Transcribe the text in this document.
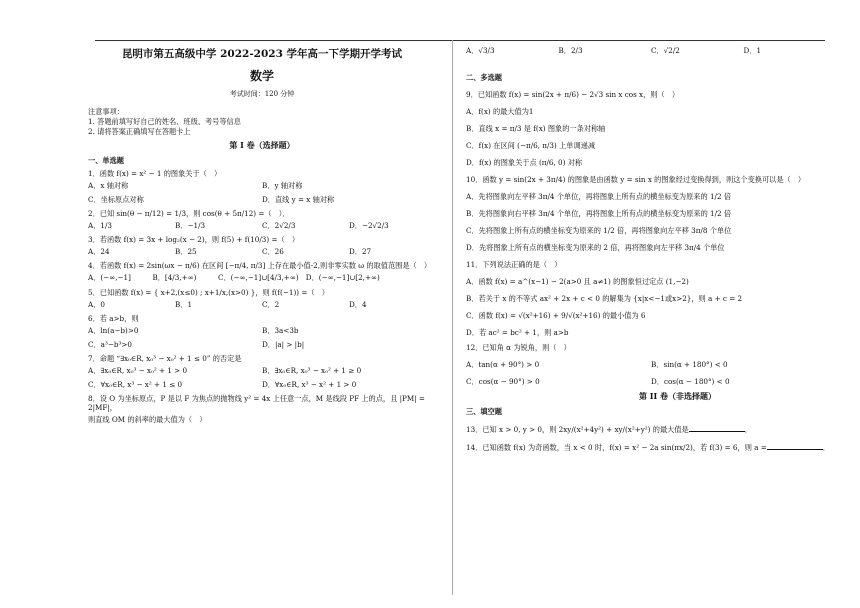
昆明市第五高级中学 2022-2023 学年高一下学期开学考试
数学
考试时间：120 分钟
注意事项：
1. 答题前填写好自己的姓名、班级、考号等信息
2. 请将答案正确填写在答题卡上
第 I 卷（选择题）
一、单选题
1．函数 f(x) = x² − 1 的图象关于（　）
A．x 轴对称	B．y 轴对称
C．坐标原点对称	D．直线 y = x 轴对称
2．已知 sin(θ − π/12) = 1/3，则 cos(θ + 5π/12) =（　）．
A．1/3	B．−1/3	C．2√2/3	D．−2√2/3
3．若函数 f(x) = 3x + log₂(x − 2)，则 f(5) + f(10/3) =（　）
A．24	B．25	C．26	D．27
4．若函数 f(x) = 2sin(ωx − π/6) 在区间 [−π/4, π/3] 上存在最小值-2,则非零实数 ω 的取值范围是（　）
A．(−∞,−1]　　　B．[4/3,+∞)　　　C．(−∞,−1]∪[4/3,+∞)　D．(−∞,−1]∪[2,+∞)
5．已知函数 f(x) = { x+2,(x≤0) ; x+1/x,(x>0) }，则 f(f(−1)) =（　）
A．0	B．1	C．2	D．4
6．若 a>b，则
A．ln(a−b)>0	B．3a<3b
C．a³−b³>0	D．|a| > |b|
7．命题 “∃x₀∈R, x₀³ − x₀² + 1 ≤ 0” 的否定是
A．∃x₀∈R, x₀³ − x₀² + 1 > 0	B．∃x₀∈R, x₀³ − x₀² + 1 ≥ 0
C．∀x₀∈R, x³ − x² + 1 ≤ 0	D．∀x₀∈R, x³ − x² + 1 > 0
8．设 O 为坐标原点，P 是以 F 为焦点的抛物线 y² = 4x 上任意一点，M 是线段 PF 上的点，且 |PM| = 2|MF|，
则直线 OM 的斜率的最大值为（　）
A．√3/3	B．2/3	C．√2/2	D．1
二、多选题
9．已知函数 f(x) = sin(2x + π/6) − 2√3 sin x cos x，则（　）
A．f(x) 的最大值为1
B．直线 x = π/3 是 f(x) 图象的一条对称轴
C．f(x) 在区间 (−π/6, π/3) 上单调递减
D．f(x) 的图象关于点 (π/6, 0) 对称
10．函数 y = sin(2x + 3π/4) 的图象是由函数 y = sin x 的图象经过变换得到，则这个变换可以是（　）
A．先将图象向左平移 3π/4 个单位，再将图象上所有点的横坐标变为原来的 1/2 倍
B．先将图象向右平移 3π/4 个单位，再将图象上所有点的横坐标变为原来的 1/2 倍
C．先将图象上所有点的横坐标变为原来的 1/2 倍，再将图象向左平移 3π/8 个单位
D．先将图象上所有点的横坐标变为原来的 2 倍，再将图象向左平移 3π/4 个单位
11．下列说法正确的是（　）
A．函数 f(x) = a^(x−1) − 2(a>0 且 a≠1) 的图象恒过定点 (1,−2)
B．若关于 x 的不等式 ax² + 2x + c < 0 的解集为 {x|x<−1或x>2}，则 a + c = 2
C．函数 f(x) = √(x²+16) + 9/√(x²+16) 的最小值为 6
D．若 ac² = bc² + 1，则 a>b
12．已知角 α 为锐角，则（　）
A．tan(α + 90°) > 0	B．sin(α + 180°) < 0
C．cos(α − 90°) > 0	D．cos(α − 180°) < 0
第 II 卷（非选择题）
三、填空题
13．已知 x > 0, y > 0，则 2xy/(x²+4y²) + xy/(x²+y²) 的最大值是	．
14．已知函数 f(x) 为奇函数，当 x < 0 时，f(x) = x² − 2a sin(πx/2)，若 f(3) = 6，则 a =	．
